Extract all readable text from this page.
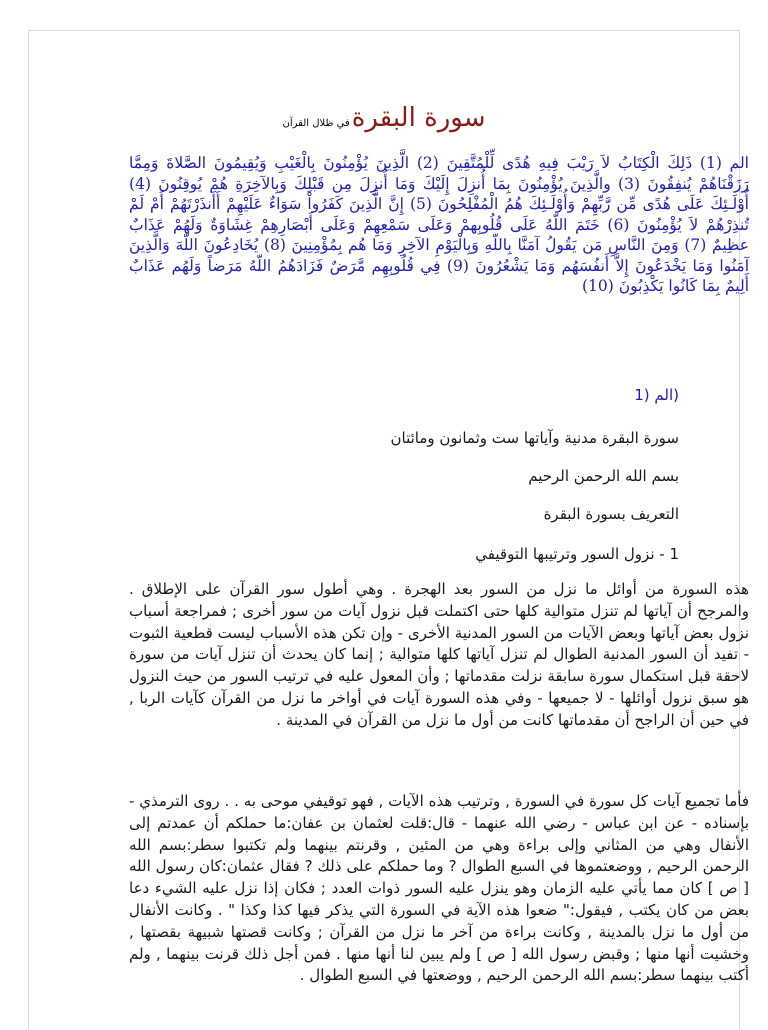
سورة البقرةفي ظلال القرآن
الم (1) ذَلِكَ الْكِتَابُ لاَ رَيْبَ فِيهِ هُدًى لِّلْمُتَّقِينَ (2) الَّذِينَ يُؤْمِنُونَ بِالْغَيْبِ وَيُقِيمُونَ الصَّلاةَ وَمِمَّا رَزَقْنَاهُمْ يُنفِقُونَ (3) والَّذِينَ يُؤْمِنُونَ بِمَا أُنزِلَ إِلَيْكَ وَمَا أُنزِلَ مِن قَبْلِكَ وَبِالآخِرَةِ هُمْ يُوقِنُونَ (4) أُوْلَـئِكَ عَلَى هُدًى مِّن رَّبِّهِمْ وَأُوْلَـئِكَ هُمُ الْمُفْلِحُونَ (5) إِنَّ الَّذِينَ كَفَرُواْ سَوَاءٌ عَلَيْهِمْ أَأَنذَرْتَهُمْ أَمْ لَمْ تُنذِرْهُمْ لاَ يُؤْمِنُونَ (6) خَتَمَ اللّهُ عَلَى قُلُوبِهمْ وَعَلَى سَمْعِهِمْ وَعَلَى أَبْصَارِهِمْ غِشَاوَةٌ وَلَهُمْ عَذَابٌ عظِيمٌ (7) وَمِنَ النَّاسِ مَن يَقُولُ آمَنَّا بِاللّهِ وَبِالْيَوْمِ الآخِرِ وَمَا هُم بِمُؤْمِنِينَ (8) يُخَادِعُونَ اللّهَ وَالَّذِينَ آمَنُوا وَمَا يَخْدَعُونَ إِلاَّ أَنفُسَهُم وَمَا يَشْعُرُونَ (9) فِي قُلُوبِهِم مَّرَضٌ فَزَادَهُمُ اللّهُ مَرَضاً وَلَهُم عَذَابٌ أَلِيمٌ بِمَا كَانُوا يَكْذِبُونَ (10)
(الم (1
سورة البقرة مدنية وآياتها ست وثمانون ومائتان
بسم الله الرحمن الرحيم
التعريف بسورة البقرة
1 - نزول السور وترتيبها التوقيفي
هذه السورة من أوائل ما نزل من السور بعد الهجرة . وهي أطول سور القرآن على الإطلاق . والمرجح أن آياتها لم تنزل متوالية كلها حتى اكتملت قبل نزول آيات من سور أخرى ; فمراجعة أسباب نزول بعض آياتها وبعض الآيات من السور المدنية الأخرى - وإن تكن هذه الأسباب ليست قطعية الثبوت - تفيد أن السور المدنية الطوال لم تنزل آياتها كلها متوالية ; إنما كان يحدث أن تنزل آيات من سورة لاحقة قبل استكمال سورة سابقة نزلت مقدماتها ; وأن المعول عليه في ترتيب السور من حيث النزول هو سبق نزول أوائلها - لا جميعها - وفي هذه السورة آيات في أواخر ما نزل من القرآن كآيات الربا , في حين أن الراجح أن مقدماتها كانت من أول ما نزل من القرآن في المدينة .
فأما تجميع آيات كل سورة في السورة , وترتيب هذه الآيات , فهو توقيفي موحى به . . روى الترمذي - بإسناده - عن ابن عباس - رضي الله عنهما - قال:قلت لعثمان بن عفان:ما حملكم أن عمدتم إلى الأنفال وهي من المثاني وإلى براءة وهي من المئين , وقرنتم بينهما ولم تكتبوا سطر:بسم الله الرحمن الرحيم , ووضعتموها في السبع الطوال ? وما حملكم على ذلك ? فقال عثمان:كان رسول الله [ ص ] كان مما يأتي عليه الزمان وهو ينزل عليه السور ذوات العدد ; فكان إذا نزل عليه الشيء دعا بعض من كان يكتب , فيقول:" ضعوا هذه الآية في السورة التي يذكر فيها كذا وكذا " . وكانت الأنفال من أول ما نزل بالمدينة , وكانت براءة من آخر ما نزل من القرآن ; وكانت قصتها شبيهة بقصتها , وخشيت أنها منها ; وقبض رسول الله [ ص ] ولم يبين لنا أنها منها . فمن أجل ذلك قرنت بينهما , ولم أكتب بينهما سطر:بسم الله الرحمن الرحيم , ووضعتها في السبع الطوال .
